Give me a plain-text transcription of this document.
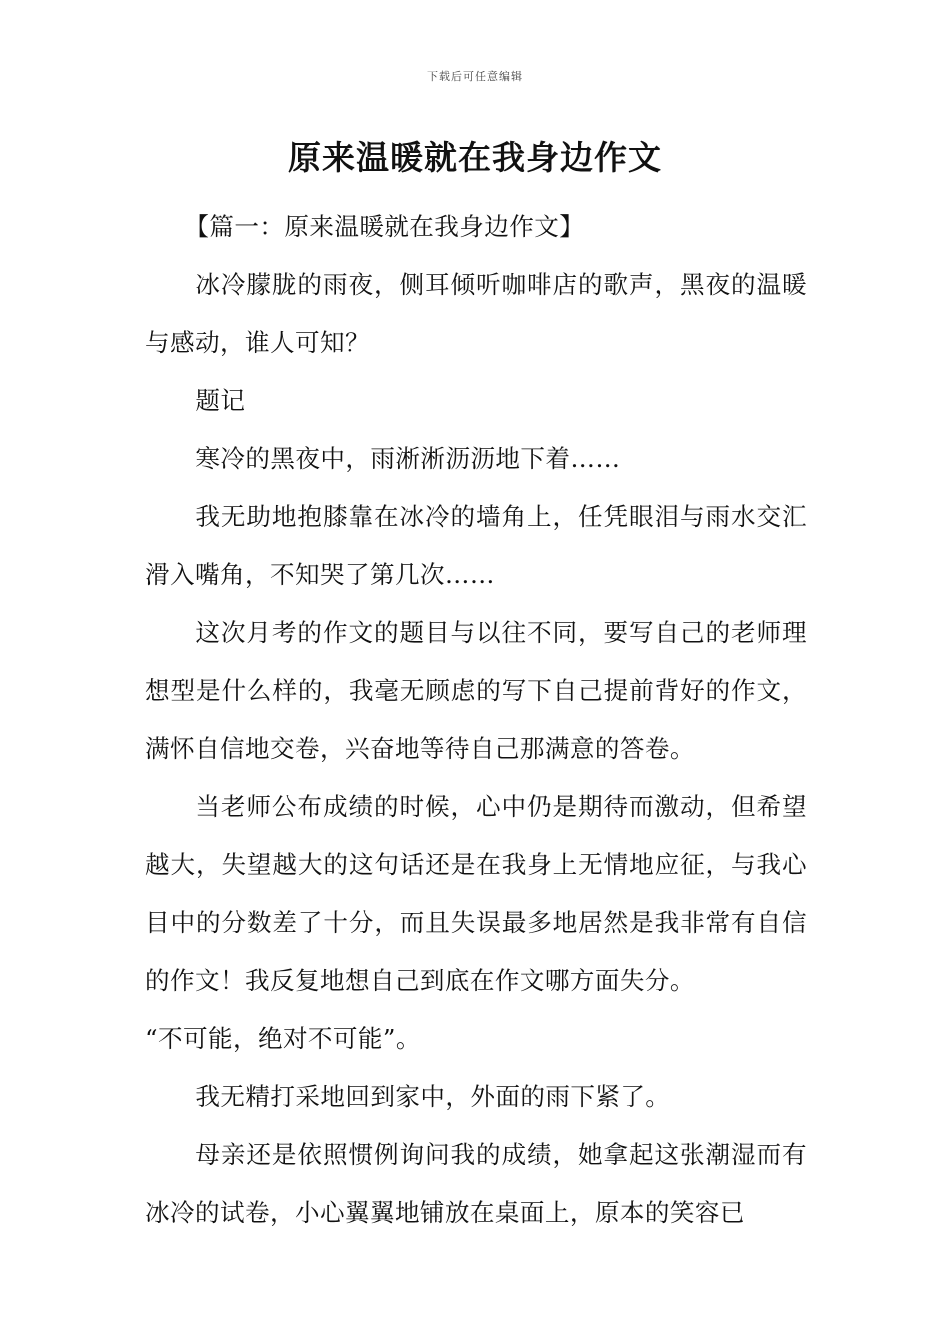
下载后可任意编辑
原来温暖就在我身边作文

【篇一：原来温暖就在我身边作文】

冰冷朦胧的雨夜，侧耳倾听咖啡店的歌声，黑夜的温暖与感动，谁人可知？

题记

寒冷的黑夜中，雨淅淅沥沥地下着……

我无助地抱膝靠在冰冷的墙角上，任凭眼泪与雨水交汇滑入嘴角，不知哭了第几次……

这次月考的作文的题目与以往不同，要写自己的老师理想型是什么样的，我毫无顾虑的写下自己提前背好的作文，满怀自信地交卷，兴奋地等待自己那满意的答卷。

当老师公布成绩的时候，心中仍是期待而激动，但希望越大，失望越大的这句话还是在我身上无情地应征，与我心目中的分数差了十分，而且失误最多地居然是我非常有自信的作文！我反复地想自己到底在作文哪方面失分。

“不可能，绝对不可能”。

我无精打采地回到家中，外面的雨下紧了。

母亲还是依照惯例询问我的成绩，她拿起这张潮湿而有冰冷的试卷，小心翼翼地铺放在桌面上，原本的笑容已
